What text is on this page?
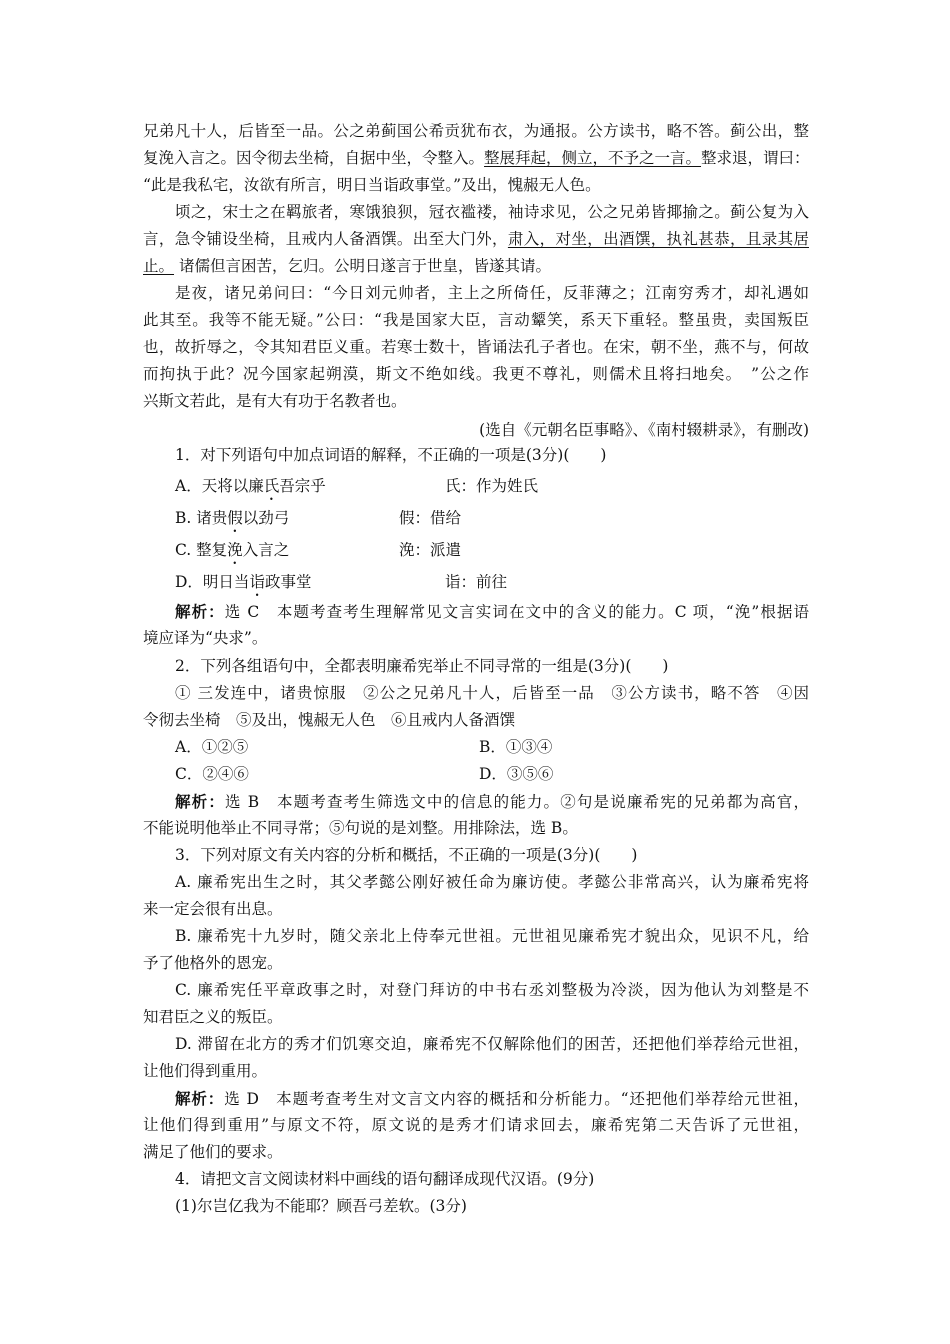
兄弟凡十人，后皆至一品。公之弟蓟国公希贡犹布衣，为通报。公方读书，略不答。蓟公出，整
复浼入言之。因令彻去坐椅，自据中坐，令整入。整展拜起，侧立，不予之一言。整求退，谓曰：
“此是我私宅，汝欲有所言，明日当诣政事堂。”及出，愧赧无人色。
顷之，宋士之在羁旅者，寒饿狼狈，冠衣褴褛，袖诗求见，公之兄弟皆揶揄之。蓟公复为入
言，急令铺设坐椅，且戒内人备酒馔。出至大门外，肃入，对坐，出酒馔，执礼甚恭，且录其居
止。 诸儒但言困苦，乞归。公明日遂言于世皇，皆遂其请。
是夜，诸兄弟问曰：“今日刘元帅者，主上之所倚任，反菲薄之；江南穷秀才，却礼遇如
此其至。我等不能无疑。”公曰：“我是国家大臣，言动颦笑，系天下重轻。整虽贵，卖国叛臣
也，故折辱之，令其知君臣义重。若寒士数十，皆诵法孔子者也。在宋，朝不坐，燕不与，何故
而拘执于此？况今国家起朔漠，斯文不绝如线。我更不尊礼，则儒术且将扫地矣。　”公之作
兴斯文若此，是有大有功于名教者也。
(选自《元朝名臣事略》、《南村辍耕录》，有删改)
1．对下列语句中加点词语的解释，不正确的一项是(3分)(　　)
A．天将以廉氏吾宗乎	氏：作为姓氏
B. 诸贵假以劲弓	假：借给
C. 整复浼入言之	浼：派遣
D．明日当诣政事堂	诣：前往
解析：选 C　本题考查考生理解常见文言实词在文中的含义的能力。C 项，“浼”根据语
境应译为“央求”。
2．下列各组语句中，全都表明廉希宪举止不同寻常的一组是(3分)(　　)
① 三发连中，诸贵惊服　②公之兄弟凡十人，后皆至一品　③公方读书，略不答　④因
令彻去坐椅　⑤及出，愧赧无人色　⑥且戒内人备酒馔
A．①②⑤	B．①③④
C．②④⑥	D．③⑤⑥
解析：选 B　本题考查考生筛选文中的信息的能力。②句是说廉希宪的兄弟都为高官，
不能说明他举止不同寻常；⑤句说的是刘整。用排除法，选 B。
3．下列对原文有关内容的分析和概括，不正确的一项是(3分)(　　)
A. 廉希宪出生之时，其父孝懿公刚好被任命为廉访使。孝懿公非常高兴，认为廉希宪将
来一定会很有出息。
B. 廉希宪十九岁时，随父亲北上侍奉元世祖。元世祖见廉希宪才貌出众，见识不凡，给
予了他格外的恩宠。
C. 廉希宪任平章政事之时，对登门拜访的中书右丞刘整极为冷淡，因为他认为刘整是不
知君臣之义的叛臣。
D. 滞留在北方的秀才们饥寒交迫，廉希宪不仅解除他们的困苦，还把他们举荐给元世祖，
让他们得到重用。
解析：选 D　本题考查考生对文言文内容的概括和分析能力。“还把他们举荐给元世祖，
让他们得到重用”与原文不符，原文说的是秀才们请求回去，廉希宪第二天告诉了元世祖，
满足了他们的要求。
4．请把文言文阅读材料中画线的语句翻译成现代汉语。(9分)
(1)尔岂亿我为不能耶？顾吾弓差软。(3分)
